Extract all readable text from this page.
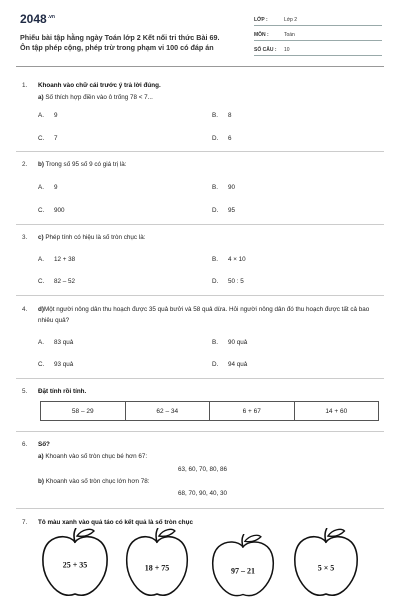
$2048^{.vn}$
Phiếu bài tập hằng ngày Toán lớp 2 Kết nối tri thức Bài 69.
Ôn tập phép cộng, phép trừ trong phạm vi 100 có đáp án
LỚP :	Lớp 2
MÔN :	Toán
SỐ CÂU : 10
1. Khoanh vào chữ cái trước ý trả lời đúng.
a) Số thích hợp điền vào ô trống 78 < 7...
A. 9	B. 8
C. 7	D. 6
2. b) Trong số 95 số 9 có giá trị là:
A. 9	B. 90
C. 900	D. 95
3. c) Phép tính có hiệu là số tròn chục là:
A. 12 + 38	B. 4 × 10
C. 82 – 52	D. 50 : 5
4. d)Một người nông dân thu hoạch được 35 quả bưởi và 58 quả dừa. Hỏi người nông dân đó thu hoạch được tất cả bao nhiêu quả?
A. 83 quả	B. 90 quả
C. 93 quả	D. 94 quả
5. Đặt tính rồi tính.
58 – 29	62 – 34	6 + 67	14 + 60
6. Số?
a) Khoanh vào số tròn chục bé hơn 67:
63, 60, 70, 80, 86
b) Khoanh vào số tròn chục lớn hơn 78:
68, 70, 90, 40, 30
7. Tô màu xanh vào quả táo có kết quả là số tròn chục
25 + 35	18 + 75	97 – 21	5 × 5
